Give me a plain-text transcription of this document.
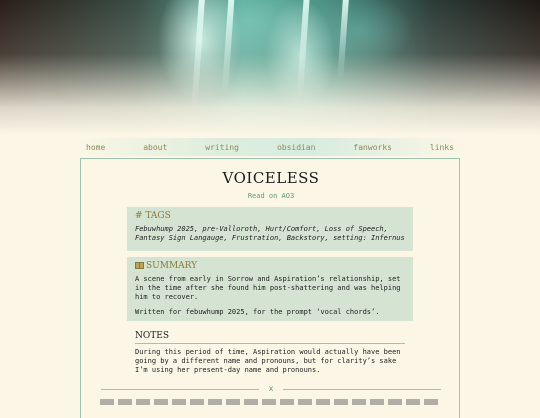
home	about	writing	obsidian	fanworks	links
VOICELESS
Read on AO3
# TAGS

Febuwhump 2025, pre-Valloroth, Hurt/Comfort, Loss of Speech, Fantasy Sign Langauge, Frustration, Backstory, setting: Infernus

SUMMARY

A scene from early in Sorrow and Aspiration’s relationship, set in the time after she found him post-shattering and was helping him to recover.

Written for febuwhump 2025, for the prompt ‘vocal chords’.

NOTES

During this period of time, Aspiration would actually have been going by a different name and pronouns, but for clarity’s sake I’m using her present-day name and pronouns.

x
